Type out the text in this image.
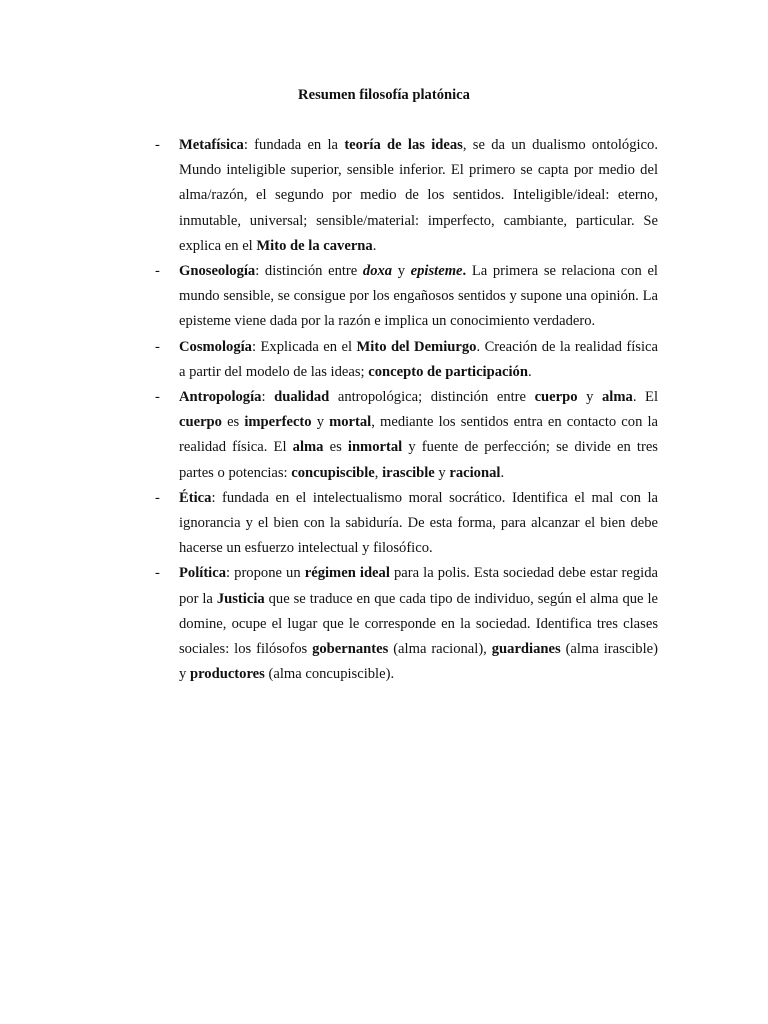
Resumen filosofía platónica
-	Metafísica: fundada en la teoría de las ideas, se da un dualismo ontológico. Mundo inteligible superior, sensible inferior. El primero se capta por medio del alma/razón, el segundo por medio de los sentidos. Inteligible/ideal: eterno, inmutable, universal; sensible/material: imperfecto, cambiante, particular. Se explica en el Mito de la caverna.
-	Gnoseología: distinción entre doxa y episteme. La primera se relaciona con el mundo sensible, se consigue por los engañosos sentidos y supone una opinión. La episteme viene dada por la razón e implica un conocimiento verdadero.
-	Cosmología: Explicada en el Mito del Demiurgo. Creación de la realidad física a partir del modelo de las ideas; concepto de participación.
-	Antropología: dualidad antropológica; distinción entre cuerpo y alma. El cuerpo es imperfecto y mortal, mediante los sentidos entra en contacto con la realidad física. El alma es inmortal y fuente de perfección; se divide en tres partes o potencias: concupiscible, irascible y racional.
-	Ética: fundada en el intelectualismo moral socrático. Identifica el mal con la ignorancia y el bien con la sabiduría. De esta forma, para alcanzar el bien debe hacerse un esfuerzo intelectual y filosófico.
-	Política: propone un régimen ideal para la polis. Esta sociedad debe estar regida por la Justicia que se traduce en que cada tipo de individuo, según el alma que le domine, ocupe el lugar que le corresponde en la sociedad. Identifica tres clases sociales: los filósofos gobernantes (alma racional), guardianes (alma irascible) y productores (alma concupiscible).
